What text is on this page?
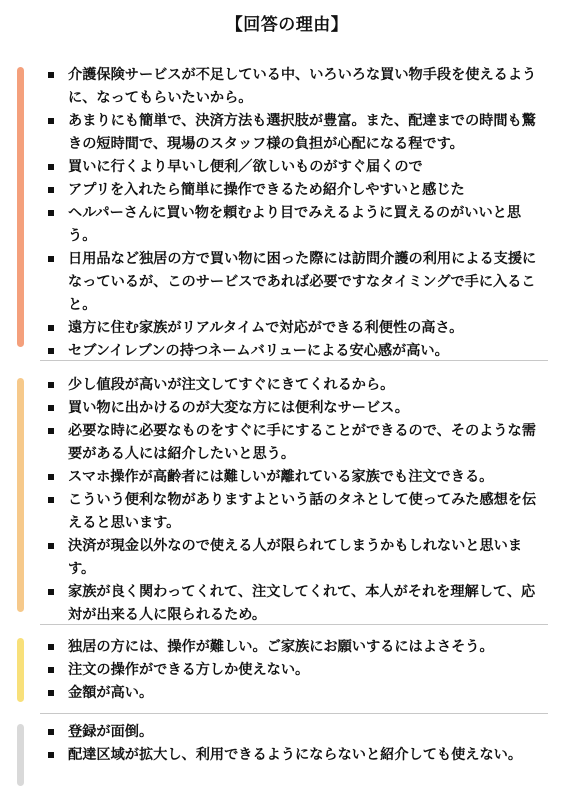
【回答の理由】
介護保険サービスが不足している中、いろいろな買い物手段を使えるように、なってもらいたいから。
あまりにも簡単で、決済方法も選択肢が豊富。また、配達までの時間も驚きの短時間で、現場のスタッフ様の負担が心配になる程です。
買いに行くより早いし便利／欲しいものがすぐ届くので
アプリを入れたら簡単に操作できるため紹介しやすいと感じた
ヘルパーさんに買い物を頼むより目でみえるように買えるのがいいと思う。
日用品など独居の方で買い物に困った際には訪問介護の利用による支援になっているが、このサービスであれば必要ですなタイミングで手に入ること。
遠方に住む家族がリアルタイムで対応ができる利便性の高さ。
セブンイレブンの持つネームバリューによる安心感が高い。
少し値段が高いが注文してすぐにきてくれるから。
買い物に出かけるのが大変な方には便利なサービス。
必要な時に必要なものをすぐに手にすることができるので、そのような需要がある人には紹介したいと思う。
スマホ操作が高齢者には難しいが離れている家族でも注文できる。
こういう便利な物がありますよという話のタネとして使ってみた感想を伝えると思います。
決済が現金以外なので使える人が限られてしまうかもしれないと思います。
家族が良く関わってくれて、注文してくれて、本人がそれを理解して、応対が出来る人に限られるため。
独居の方には、操作が難しい。ご家族にお願いするにはよさそう。
注文の操作ができる方しか使えない。
金額が高い。
登録が面倒。
配達区域が拡大し、利用できるようにならないと紹介しても使えない。
